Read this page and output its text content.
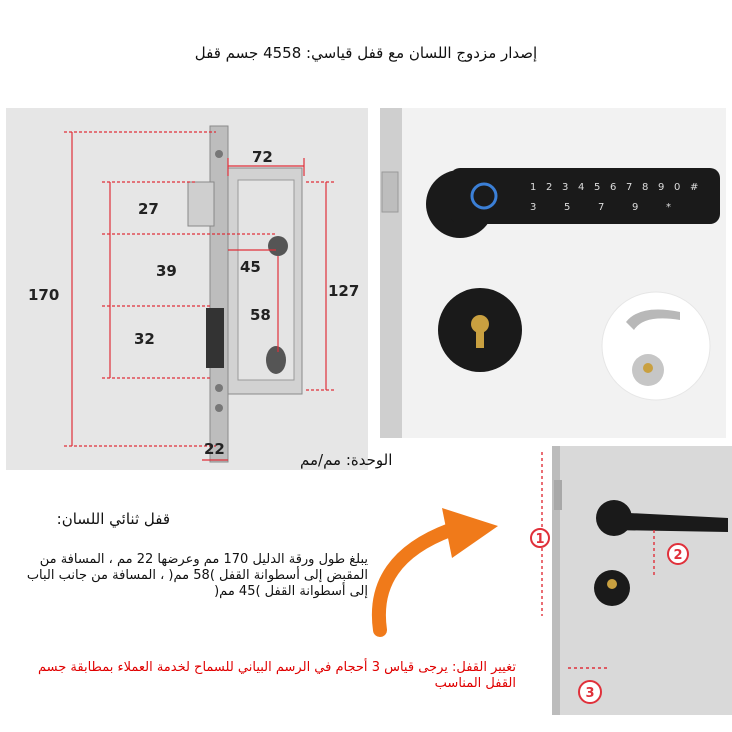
إصدار مزدوج اللسان مع قفل قياسي: 4558 جسم قفل
170
72
27
39	45
58
32
127
22
الوحدة: مم/مم
1 2 3 4 5 6 7 8 9 0 #
3	5	7	9	*
قفل ثنائي اللسان:
يبلغ طول ورقة الدليل 170 مم وعرضها 22 مم ، المسافة من المقبض إلى أسطوانة القفل )58 مم( ، المسافة من جانب الباب إلى أسطوانة القفل )45 مم(
1
2
3
تغيير القفل: يرجى قياس 3 أحجام في الرسم البياني للسماح لخدمة العملاء بمطابقة جسم القفل المناسب
